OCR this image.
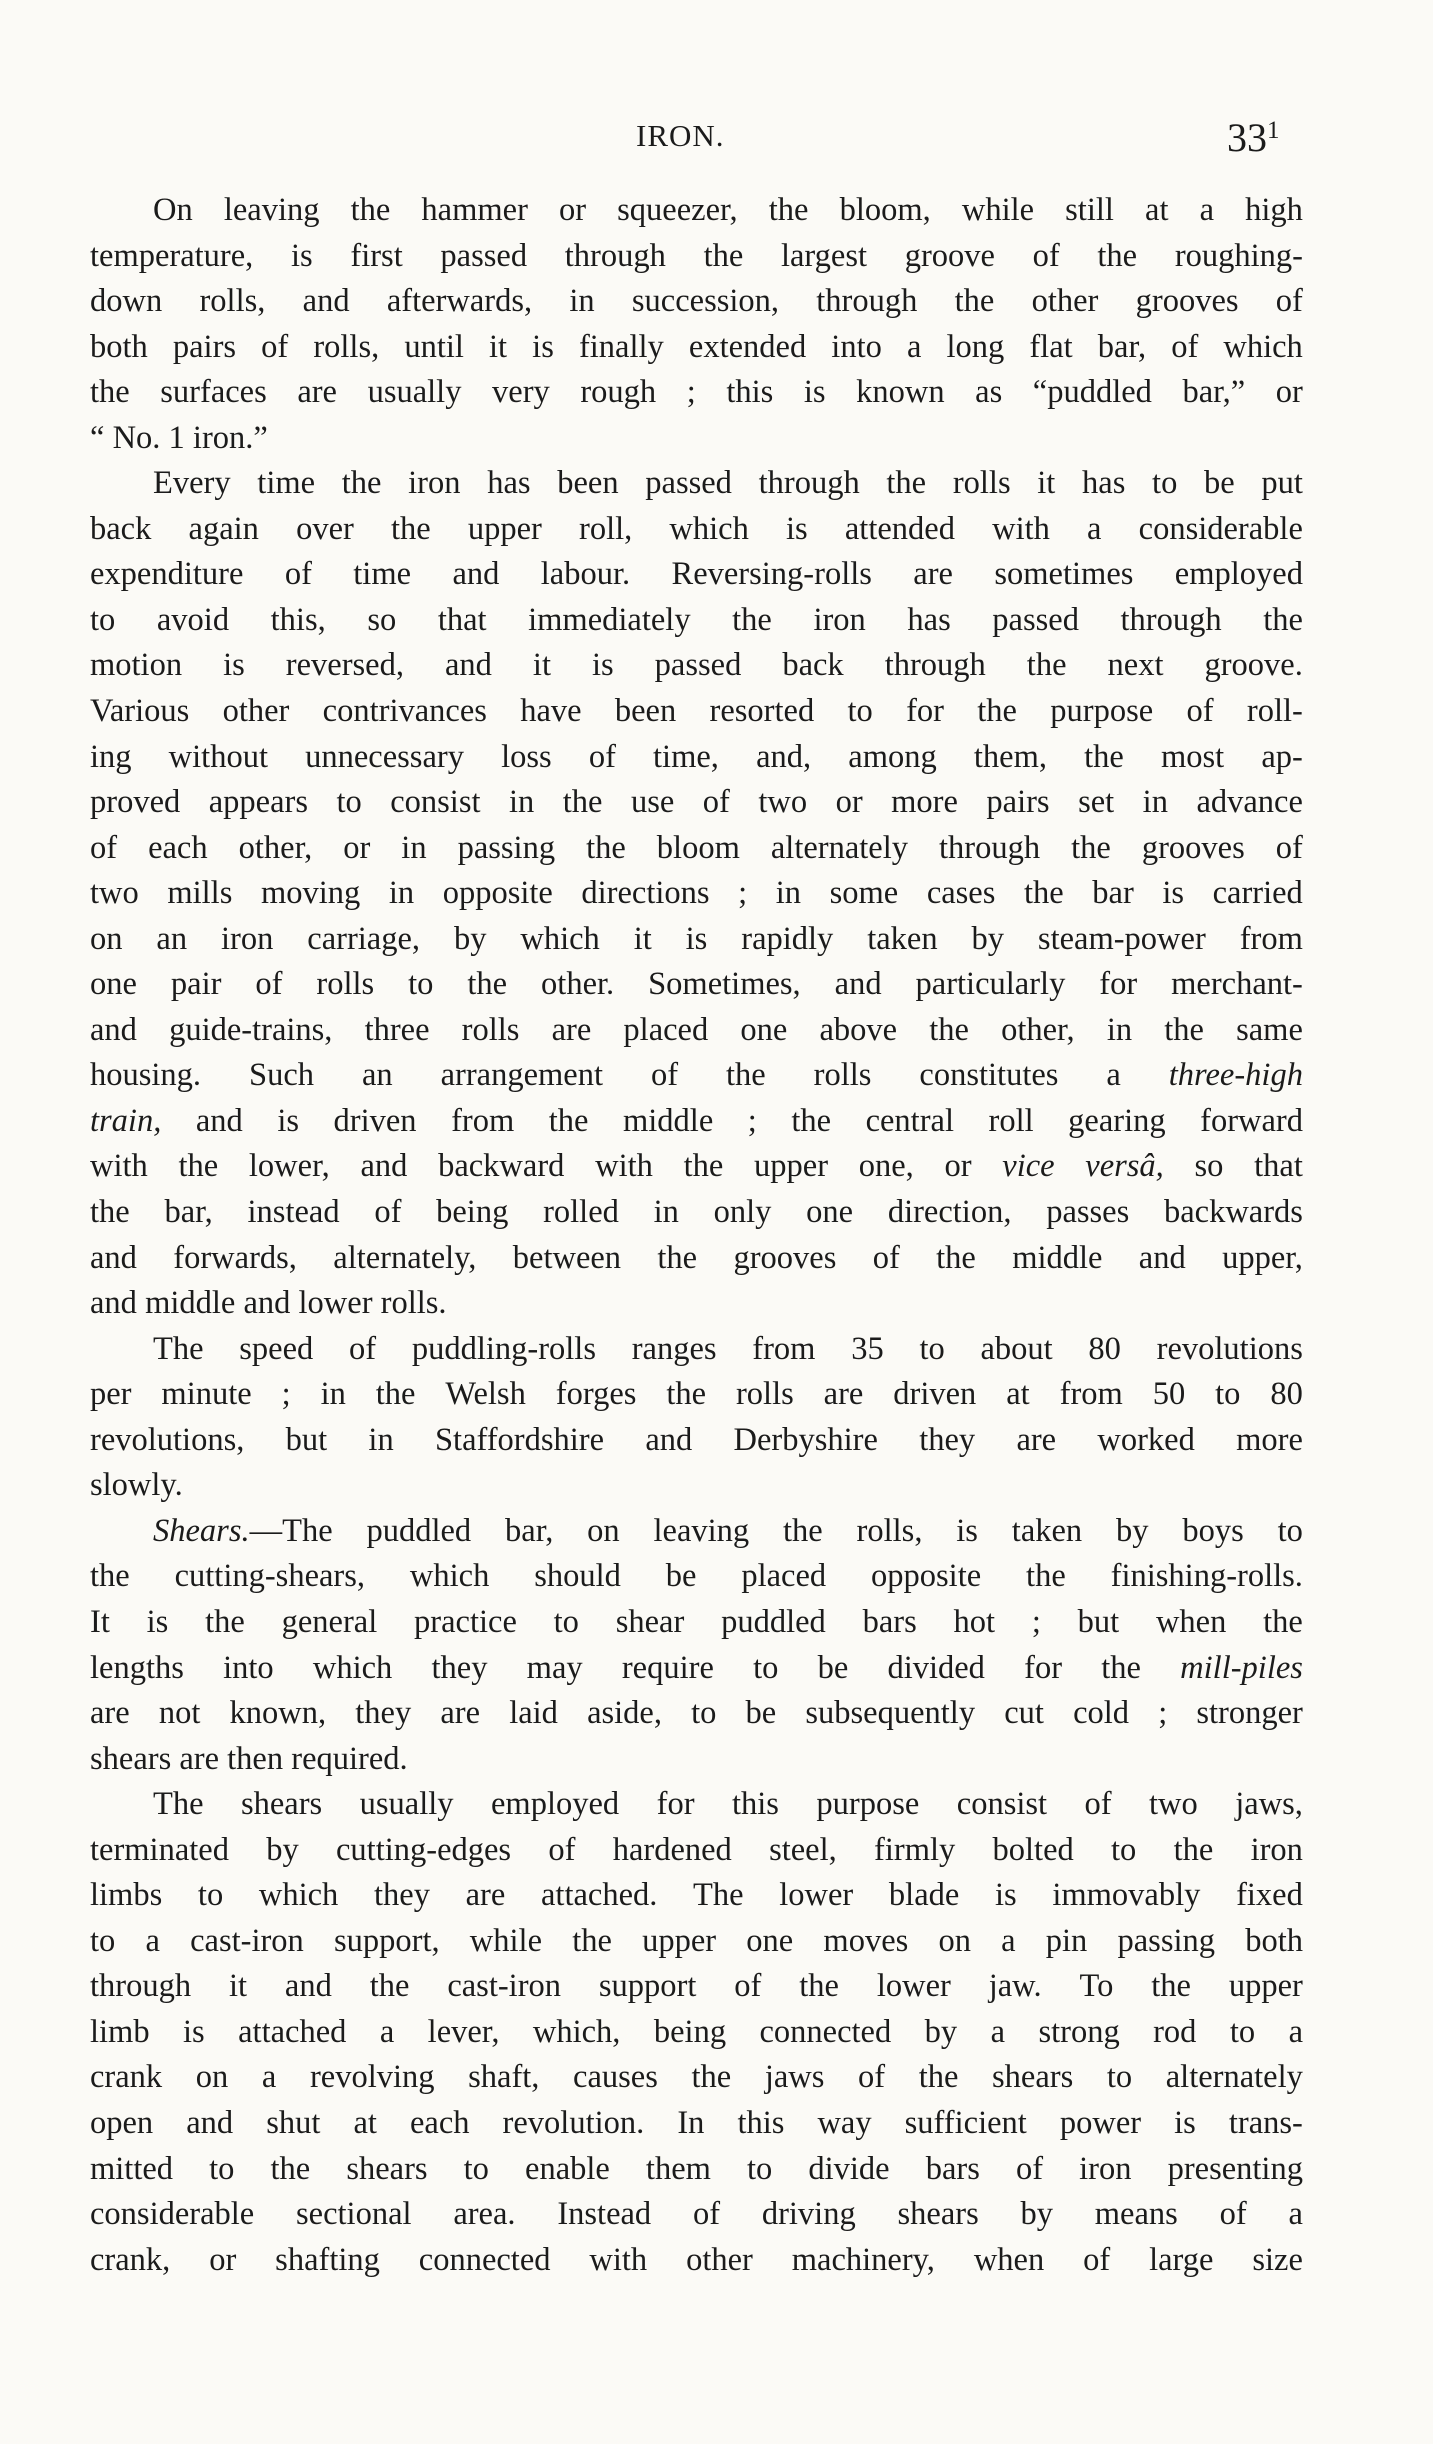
IRON.	$33^1$
On leaving the hammer or squeezer, the bloom, while still at a high
temperature, is first passed through the largest groove of the roughing-
down rolls, and afterwards, in succession, through the other grooves of
both pairs of rolls, until it is finally extended into a long flat bar, of which
the surfaces are usually very rough ; this is known as “puddled bar,” or
“ No. 1 iron.”
Every time the iron has been passed through the rolls it has to be put
back again over the upper roll, which is attended with a considerable
expenditure of time and labour. Reversing-rolls are sometimes employed
to avoid this, so that immediately the iron has passed through the
motion is reversed, and it is passed back through the next groove.
Various other contrivances have been resorted to for the purpose of roll-
ing without unnecessary loss of time, and, among them, the most ap-
proved appears to consist in the use of two or more pairs set in advance
of each other, or in passing the bloom alternately through the grooves of
two mills moving in opposite directions ; in some cases the bar is carried
on an iron carriage, by which it is rapidly taken by steam-power from
one pair of rolls to the other. Sometimes, and particularly for merchant-
and guide-trains, three rolls are placed one above the other, in the same
housing. Such an arrangement of the rolls constitutes a three-high
train, and is driven from the middle ; the central roll gearing forward
with the lower, and backward with the upper one, or vice versâ, so that
the bar, instead of being rolled in only one direction, passes backwards
and forwards, alternately, between the grooves of the middle and upper,
and middle and lower rolls.
The speed of puddling-rolls ranges from 35 to about 80 revolutions
per minute ; in the Welsh forges the rolls are driven at from 50 to 80
revolutions, but in Staffordshire and Derbyshire they are worked more
slowly.
Shears.—The puddled bar, on leaving the rolls, is taken by boys to
the cutting-shears, which should be placed opposite the finishing-rolls.
It is the general practice to shear puddled bars hot ; but when the
lengths into which they may require to be divided for the mill-piles
are not known, they are laid aside, to be subsequently cut cold ; stronger
shears are then required.
The shears usually employed for this purpose consist of two jaws,
terminated by cutting-edges of hardened steel, firmly bolted to the iron
limbs to which they are attached. The lower blade is immovably fixed
to a cast-iron support, while the upper one moves on a pin passing both
through it and the cast-iron support of the lower jaw. To the upper
limb is attached a lever, which, being connected by a strong rod to a
crank on a revolving shaft, causes the jaws of the shears to alternately
open and shut at each revolution. In this way sufficient power is trans-
mitted to the shears to enable them to divide bars of iron presenting
considerable sectional area. Instead of driving shears by means of a
crank, or shafting connected with other machinery, when of large size
